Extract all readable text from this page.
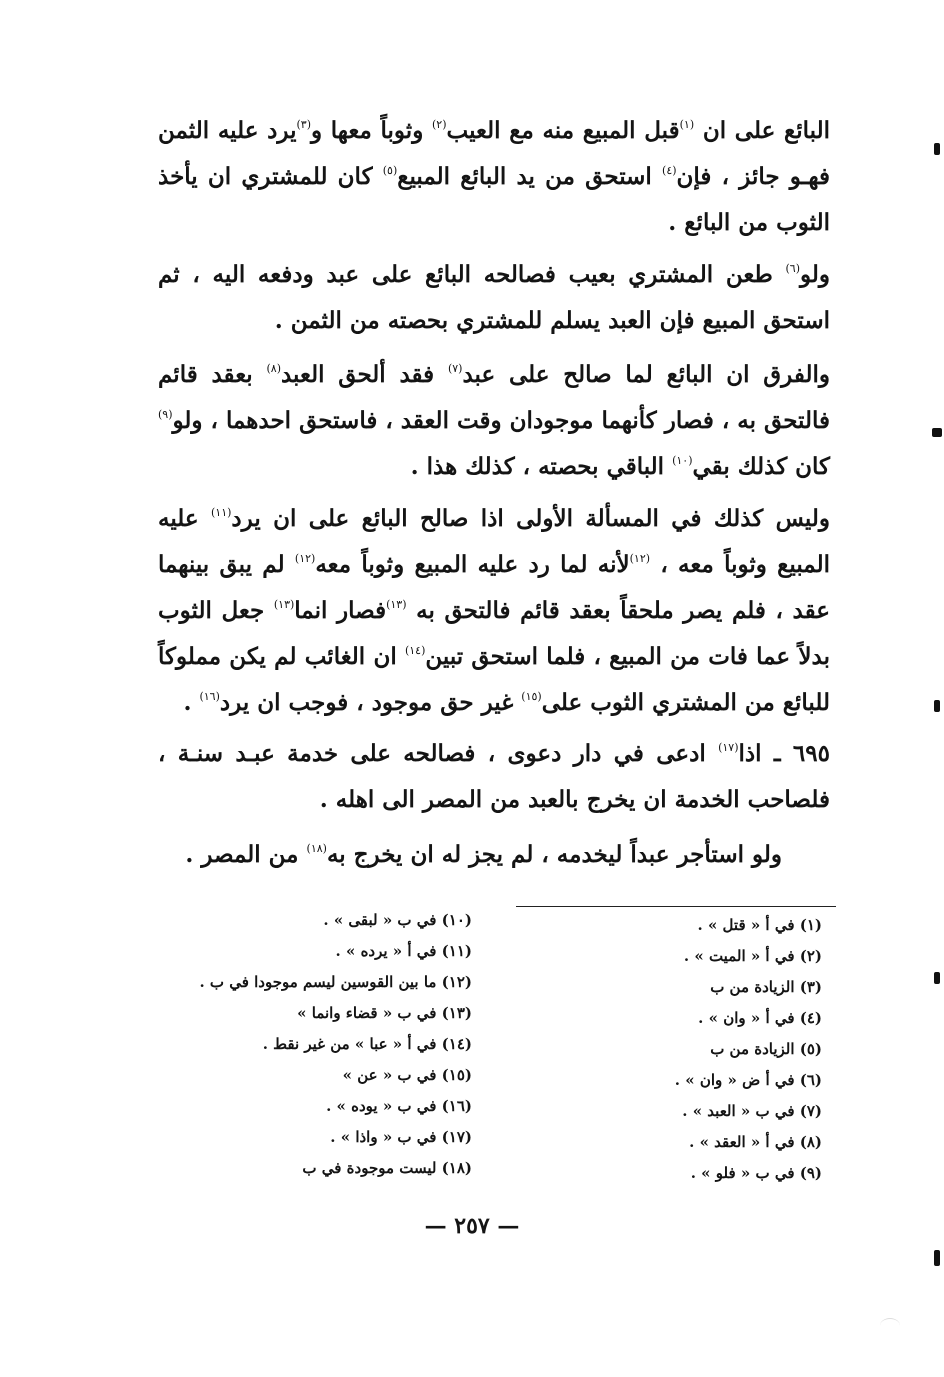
البائع على ان $^{(١)}$قبل المبيع منه مع العيب$^{(٢)}$ وثوباً معها و$^{(٣)}$يرد عليه الثمن فهـو جائز ، فإن$^{(٤)}$ استحق من يد البائع المبيع$^{(٥)}$ كان للمشتري ان يأخذ الثوب من البائع .

ولو$^{(٦)}$ طعن المشتري بعيب فصالحه البائع على عبد ودفعه اليه ، ثم استحق المبيع فإن العبد يسلم للمشتري بحصته من الثمن .

والفرق ان البائع لما صالح على عبد$^{(٧)}$ فقد ألحق العبد$^{(٨)}$ بعقد قائم فالتحق به ، فصار كأنهما موجودان وقت العقد ، فاستحق احدهما ، ولو$^{(٩)}$ كان كذلك بقي$^{(١٠)}$ الباقي بحصته ، كذلك هذا .

وليس كذلك في المسألة الأولى اذا صالح البائع على ان يرد$^{(١١)}$ عليه المبيع وثوباً معه ، $^{(١٢)}$لأنه لما رد عليه المبيع وثوباً معه$^{(١٢)}$ لم يبق بينهما عقد ، فلم يصر ملحقاً بعقد قائم فالتحق به $^{(١٣)}$فصار انما$^{(١٣)}$ جعل الثوب بدلاً عما فات من المبيع ، فلما استحق تبين$^{(١٤)}$ ان الغائب لم يكن مملوكاً للبائع من المشتري الثوب على$^{(١٥)}$ غير حق موجود ، فوجب ان يرد$^{(١٦)}$ .

٦٩٥ ـ اذا$^{(١٧)}$ ادعى في دار دعوى ، فصالحه على خدمة عبـد سنـة ، فلصاحب الخدمة ان يخرج بالعبد من المصر الى اهله .

ولو استأجر عبداً ليخدمه ، لم يجز له ان يخرج به$^{(١٨)}$ من المصر .

(١) في أ « قتل » .
(٢) في أ « الميت » .
(٣) الزيادة من ب
(٤) في أ « وان » .
(٥) الزيادة من ب
(٦) في أ ض « وان » .
(٧) في ب « العبد » .
(٨) في أ « العقد » .
(٩) في ب « فلو » .
(١٠) في ب « لبقى » .
(١١) في أ « يرده » .
(١٢) ما بين القوسين ليسم موجودا في ب .
(١٣) في ب « قضاء وانما »
(١٤) في أ « عبا » من غير نقط .
(١٥) في ب « عن »
(١٦) في ب « يوده » .
(١٧) في ب « واذا » .
(١٨) ليست موجودة في ب
— ٢٥٧ —
